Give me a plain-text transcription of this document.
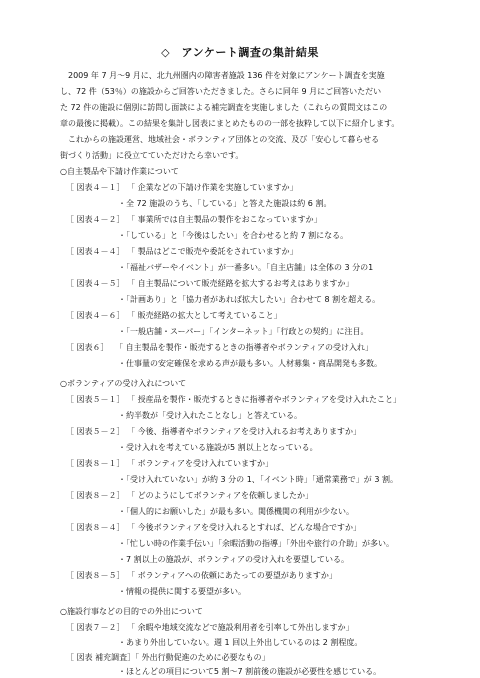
◇　アンケート調査の集計結果

　2009 年 7 月～9 月に、北九州圏内の障害者施設 136 件を対象にアンケート調査を実施

し、72 件（53％）の施設からご回答いただきました。さらに同年 9 月にご回答いただい

た 72 件の施設に個別に訪問し面談による補完調査を実施しました（これらの質問文はこの

章の最後に掲載）。この結果を集計し図表にまとめたものの一部を抜粋して以下に紹介します。

　これからの施設運営、地域社会・ボランティア団体との交流、及び「安心して暮らせる

街づくり活動」に役立てていただけたら幸いです。

○自主製品や下請け作業について
［ 図表４－１］ 「 企業などの下請け作業を実施していますか」
・全 72 施設のうち、「している」と答えた施設は約 6 割。
［ 図表４－２］ 「 事業所では自主製品の製作をおこなっていますか」
・「している」と「今後はしたい」を合わせると約 7 割になる。
［ 図表４－４］ 「 製品はどこで販売や委託をされていますか」
・「福祉バザーやイベント」が一番多い。「自主店舗」は全体の 3 分の1
［ 図表４－５］ 「 自主製品について販売経路を拡大するお考えはありますか」
・「計画あり」と「協力者があれば拡大したい」合わせて 8 割を超える。
［ 図表４－６］ 「 販売経路の拡大として考えていること」
・「一般店舗・スーパー」「インターネット」「行政との契約」に注目。
［ 図表６］　 「 自主製品を製作・販売するときの指導者やボランティアの受け入れ」
・仕事量の安定確保を求める声が最も多い。人材募集・商品開発も多数。
○ボランティアの受け入れについて
［ 図表５－１］ 「 授産品を製作・販売するときに指導者やボランティアを受け入れたこと」
・約半数が「受け入れたことなし」と答えている。
［ 図表５－２］ 「 今後、指導者やボランティアを受け入れるお考えありますか」
・受け入れを考えている施設が5 割以上となっている。
［ 図表８－１］ 「 ボランティアを受け入れていますか」
・「受け入れていない」が約 3 分の 1、「イベント時」「通常業務で」が 3 割。
［ 図表８－２］ 「 どのようにしてボランティアを依頼しましたか」
・「個人的にお願いした」が最も多い。関係機関の利用が少ない。
［ 図表８－４］ 「 今後ボランティアを受け入れるとすれば、どんな場合ですか」
・「忙しい時の作業手伝い」「余暇活動の指導」「外出や旅行の介助」が多い。
・7 割以上の施設が、ボランティアの受け入れを要望している。
［ 図表８－５］ 「 ボランティアへの依頼にあたっての要望がありますか」
・情報の提供に関する要望が多い。
○施設行事などの目的での外出について
［ 図表７－２］ 「 余暇や地域交流などで施設利用者を引率して外出しますか」
・あまり外出していない。週 1 回以上外出しているのは 2 割程度。
［ 図表 補充調査］「 外出行動促進のために必要なもの」
・ほとんどの項目について5 割～7 割前後の施設が必要性を感じている。
